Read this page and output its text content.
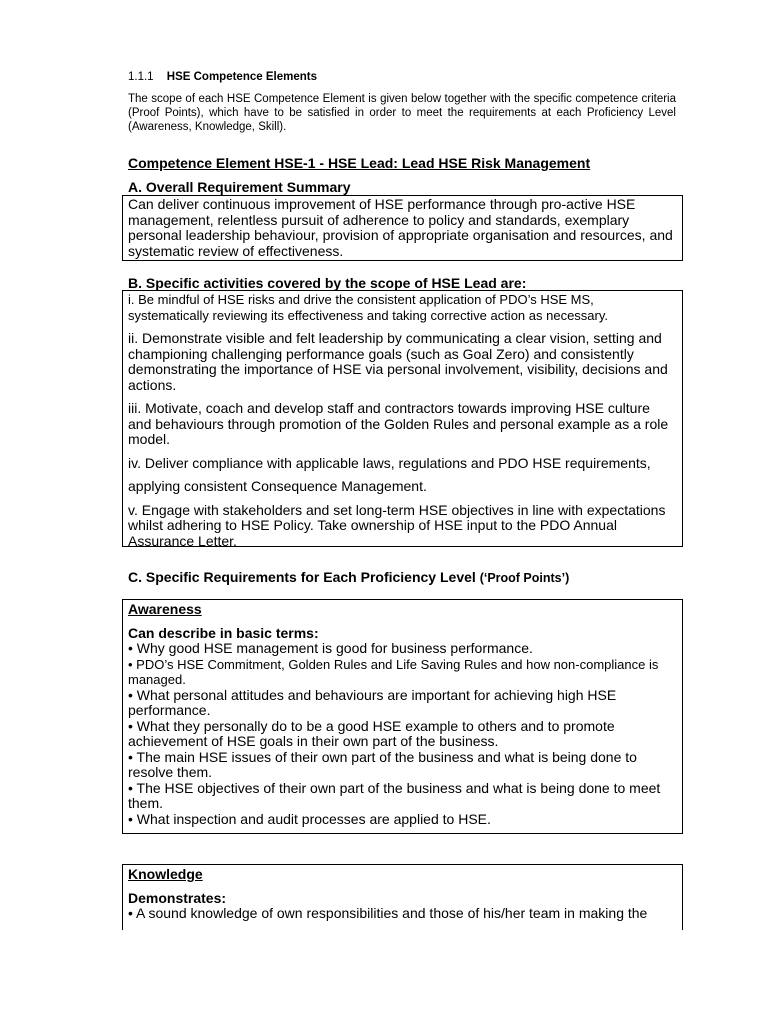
1.1.1 HSE Competence Elements
The scope of each HSE Competence Element is given below together with the specific competence criteria (Proof Points), which have to be satisfied in order to meet the requirements at each Proficiency Level (Awareness, Knowledge, Skill).
Competence Element HSE-1 - HSE Lead: Lead HSE Risk Management
A. Overall Requirement Summary

Can deliver continuous improvement of HSE performance through pro-active HSE management, relentless pursuit of adherence to policy and standards, exemplary personal leadership behaviour, provision of appropriate organisation and resources, and systematic review of effectiveness.

B. Specific activities covered by the scope of HSE Lead are:

i. Be mindful of HSE risks and drive the consistent application of PDO’s HSE MS, systematically reviewing its effectiveness and taking corrective action as necessary.

ii. Demonstrate visible and felt leadership by communicating a clear vision, setting and championing challenging performance goals (such as Goal Zero) and consistently demonstrating the importance of HSE via personal involvement, visibility, decisions and actions.

iii. Motivate, coach and develop staff and contractors towards improving HSE culture and behaviours through promotion of the Golden Rules and personal example as a role model.

iv. Deliver compliance with applicable laws, regulations and PDO HSE requirements,

applying consistent Consequence Management.

v. Engage with stakeholders and set long-term HSE objectives in line with expectations whilst adhering to HSE Policy. Take ownership of HSE input to the PDO Annual Assurance Letter.

C. Specific Requirements for Each Proficiency Level (‘Proof Points’)

Awareness

Can describe in basic terms:

• Why good HSE management is good for business performance.

• PDO’s HSE Commitment, Golden Rules and Life Saving Rules and how non-compliance is managed.

• What personal attitudes and behaviours are important for achieving high HSE performance.

• What they personally do to be a good HSE example to others and to promote achievement of HSE goals in their own part of the business.

• The main HSE issues of their own part of the business and what is being done to resolve them.

• The HSE objectives of their own part of the business and what is being done to meet them.

• What inspection and audit processes are applied to HSE.

Knowledge

Demonstrates:

• A sound knowledge of own responsibilities and those of his/her team in making the
